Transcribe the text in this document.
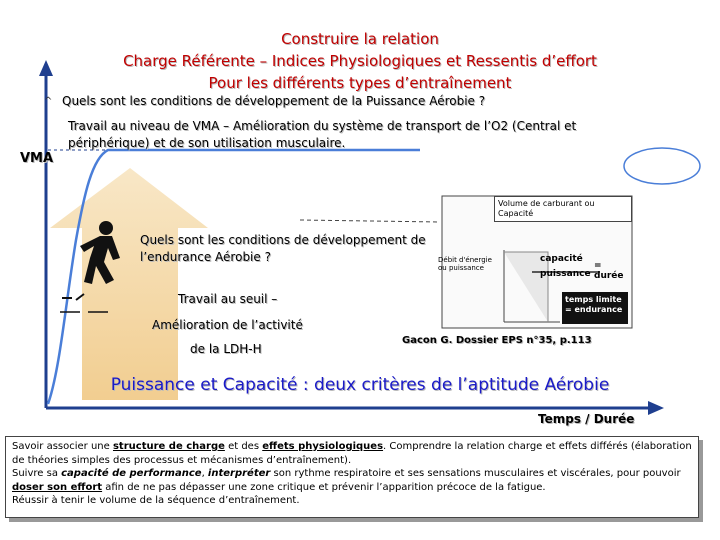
^
Construire la relation
Charge Référente – Indices Physiologiques et Ressentis d’effort
Pour les différents types d’entraînement
Quels sont les conditions de développement de la Puissance Aérobie ?
VMA
Travail au niveau de VMA – Amélioration du système de transport de l’O2 (Central et périphérique) et de son utilisation musculaire.
Quels sont les conditions de développement de l’endurance Aérobie ?
Travail au seuil –
Amélioration de l’activité
de la LDH-H
Volume de carburant ou Capacité
Débit d'énergie ou puissance
capacité
puissance
= durée
temps limite = endurance
Gacon G. Dossier EPS n°35, p.113
Puissance et Capacité : deux critères de l’aptitude Aérobie
Temps / Durée
Savoir associer une structure de charge et des effets physiologiques. Comprendre la relation charge et effets différés (élaboration de théories simples des processus et mécanismes d’entraînement).
Suivre sa capacité de performance, interpréter son rythme respiratoire et ses sensations musculaires et viscérales, pour pouvoir doser son effort afin de ne pas dépasser une zone critique et prévenir l’apparition précoce de la fatigue.
Réussir à tenir le volume de la séquence d’entraînement.
